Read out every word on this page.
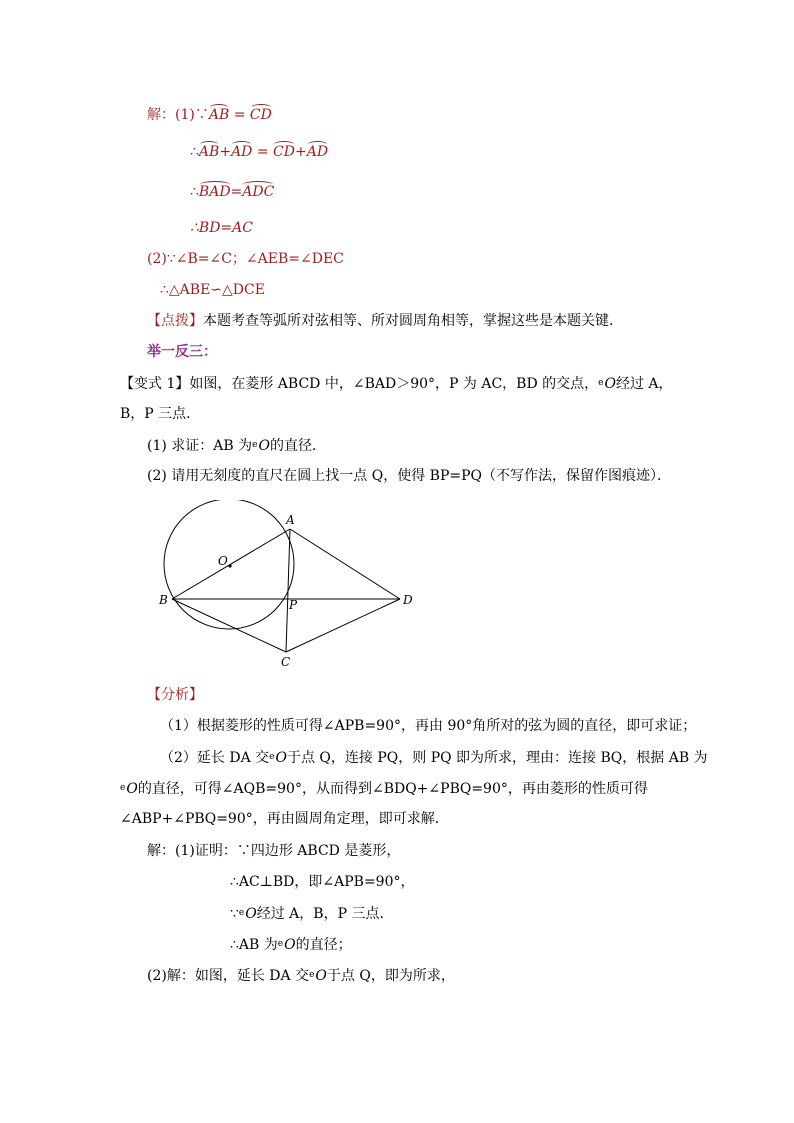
解：(1)∵AB = CD
∴AB+AD = CD+AD
∴BAD=ADC
∴BD=AC
(2)∵∠B=∠C；∠AEB=∠DEC
∴△ABE∽△DCE
【点拨】本题考查等弧所对弦相等、所对圆周角相等，掌握这些是本题关键．
举一反三：
【变式 1】如图，在菱形 ABCD 中，∠BAD＞90°，P 为 AC，BD 的交点，eO经过 A，
B，P 三点．
(1) 求证：AB 为eO的直径．
(2) 请用无刻度的直尺在圆上找一点 Q，使得 BP=PQ（不写作法，保留作图痕迹）．
A
B
C
D
P
O
【分析】
（1）根据菱形的性质可得∠APB=90°，再由 90°角所对的弦为圆的直径，即可求证；
（2）延长 DA 交eO于点 Q，连接 PQ，则 PQ 即为所求，理由：连接 BQ，根据 AB 为
eO的直径，可得∠AQB=90°，从而得到∠BDQ+∠PBQ=90°，再由菱形的性质可得
∠ABP+∠PBQ=90°，再由圆周角定理，即可求解．
解：(1)证明：∵四边形 ABCD 是菱形，
∴AC⊥BD，即∠APB=90°，
∵eO经过 A，B，P 三点．
∴AB 为eO的直径；
(2)解：如图，延长 DA 交eO于点 Q，即为所求，
